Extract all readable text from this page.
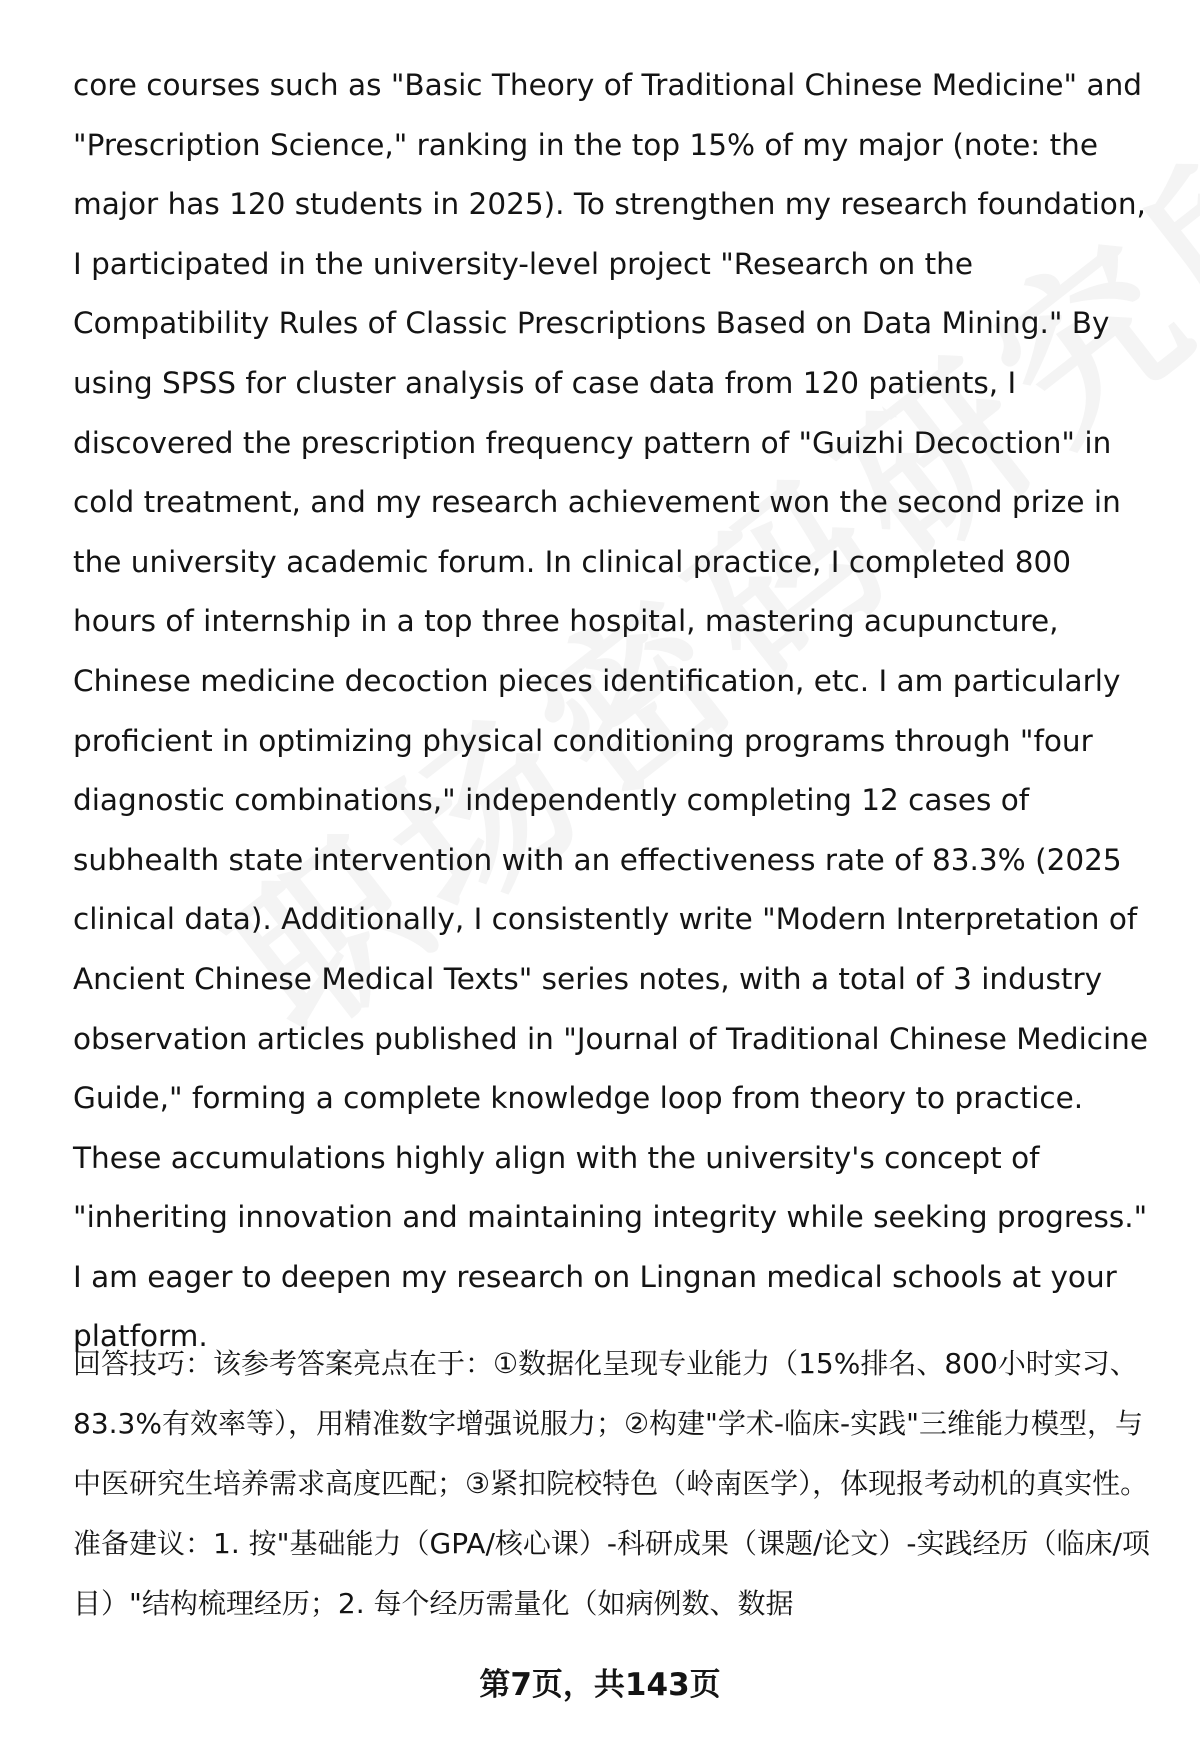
core courses such as "Basic Theory of Traditional Chinese Medicine" and "Prescription Science," ranking in the top 15% of my major (note: the major has 120 students in 2025). To strengthen my research foundation, I participated in the university-level project "Research on the Compatibility Rules of Classic Prescriptions Based on Data Mining." By using SPSS for cluster analysis of case data from 120 patients, I discovered the prescription frequency pattern of "Guizhi Decoction" in cold treatment, and my research achievement won the second prize in the university academic forum. In clinical practice, I completed 800 hours of internship in a top three hospital, mastering acupuncture, Chinese medicine decoction pieces identification, etc. I am particularly proficient in optimizing physical conditioning programs through "four diagnostic combinations," independently completing 12 cases of subhealth state intervention with an effectiveness rate of 83.3% (2025 clinical data). Additionally, I consistently write "Modern Interpretation of Ancient Chinese Medical Texts" series notes, with a total of 3 industry observation articles published in "Journal of Traditional Chinese Medicine Guide," forming a complete knowledge loop from theory to practice. These accumulations highly align with the university's concept of "inheriting innovation and maintaining integrity while seeking progress." I am eager to deepen my research on Lingnan medical schools at your platform.

回答技巧：该参考答案亮点在于：①数据化呈现专业能力（15%排名、800小时实习、83.3%有效率等），用精准数字增强说服力；②构建"学术-临床-实践"三维能力模型，与中医研究生培养需求高度匹配；③紧扣院校特色（岭南医学），体现报考动机的真实性。准备建议：1. 按"基础能力（GPA/核心课）-科研成果（课题/论文）-实践经历（临床/项目）"结构梳理经历；2. 每个经历需量化（如病例数、数据

第7页，共143页
